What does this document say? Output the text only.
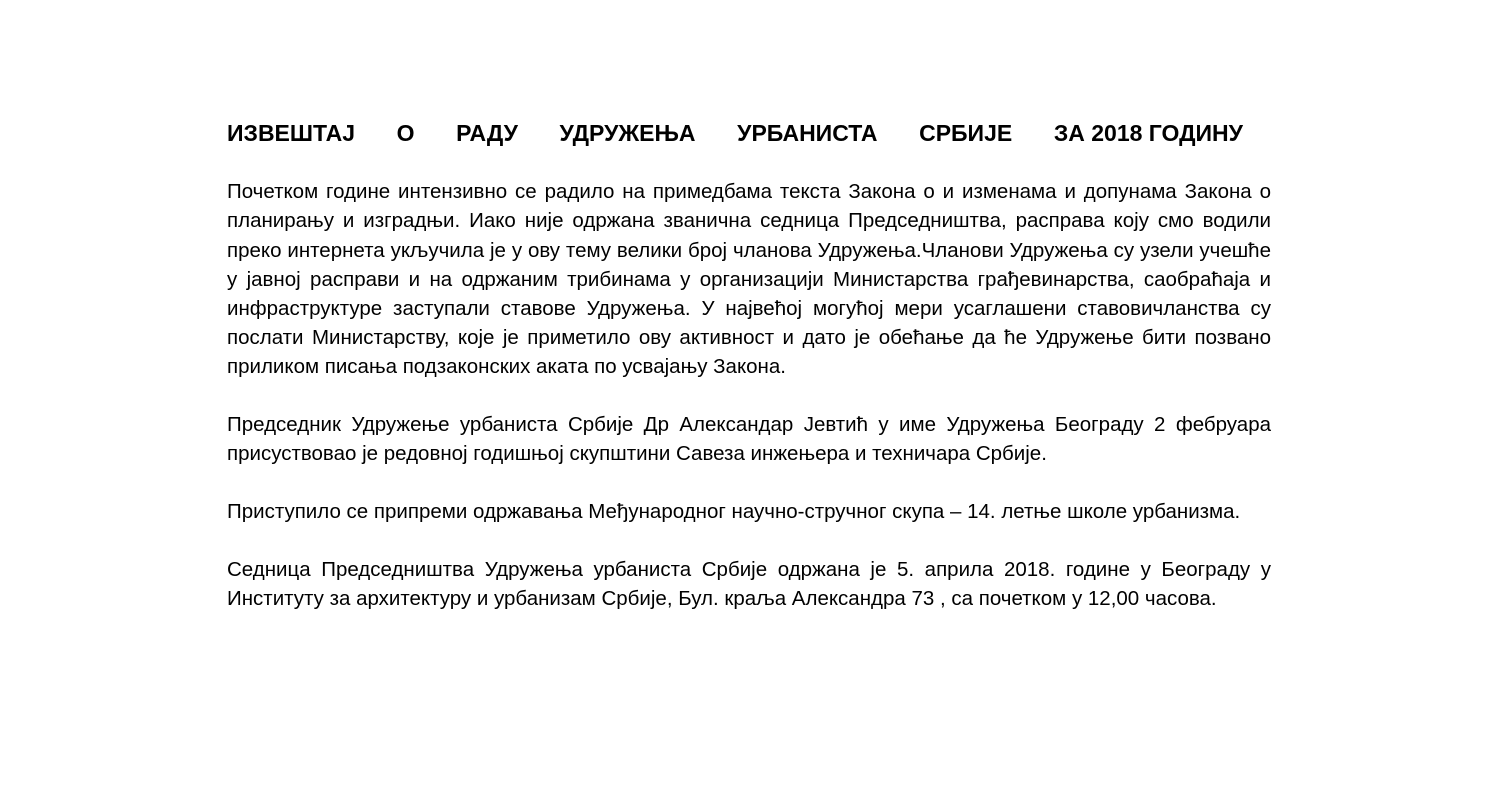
ИЗВЕШТАЈ О РАДУ УДРУЖЕЊА УРБАНИСТА СРБИЈЕ ЗА 2018 ГОДИНУ

Почетком године интензивно се радило на примедбама текста Закона о и изменама и допунама Закона о планирању и изградњи. Иако није одржана званична седница Председништва, расправа коју смо водили преко интернета укључила је у ову тему велики број чланова Удружења.Чланови Удружења су узели учешће у јавној расправи и на одржаним трибинама у организацији Министарства грађевинарства, саобраћаја и инфраструктуре заступали ставове Удружења. У највећој могућој мери усаглашени ставовичланства су послати Министарству, које је приметило ову активност и дато је обећање да ће Удружење бити позвано приликом писања подзаконских аката по усвајању Закона.

Председник Удружење урбаниста Србије Др Александар Јевтић у име Удружења Београду 2 фебруара присуствовао је редовној годишњој скупштини Савеза инжењера и техничара Србије.

Приступило се припреми одржавања Међународног научно-стручног скупа – 14. летње школе урбанизма.

Седница Председништва Удружења урбаниста Србије одржана је 5. априла 2018. године у Београду у Институту за архитектуру и урбанизам Србије, Бул. краља Александра 73 , са почетком у 12,00 часова.
